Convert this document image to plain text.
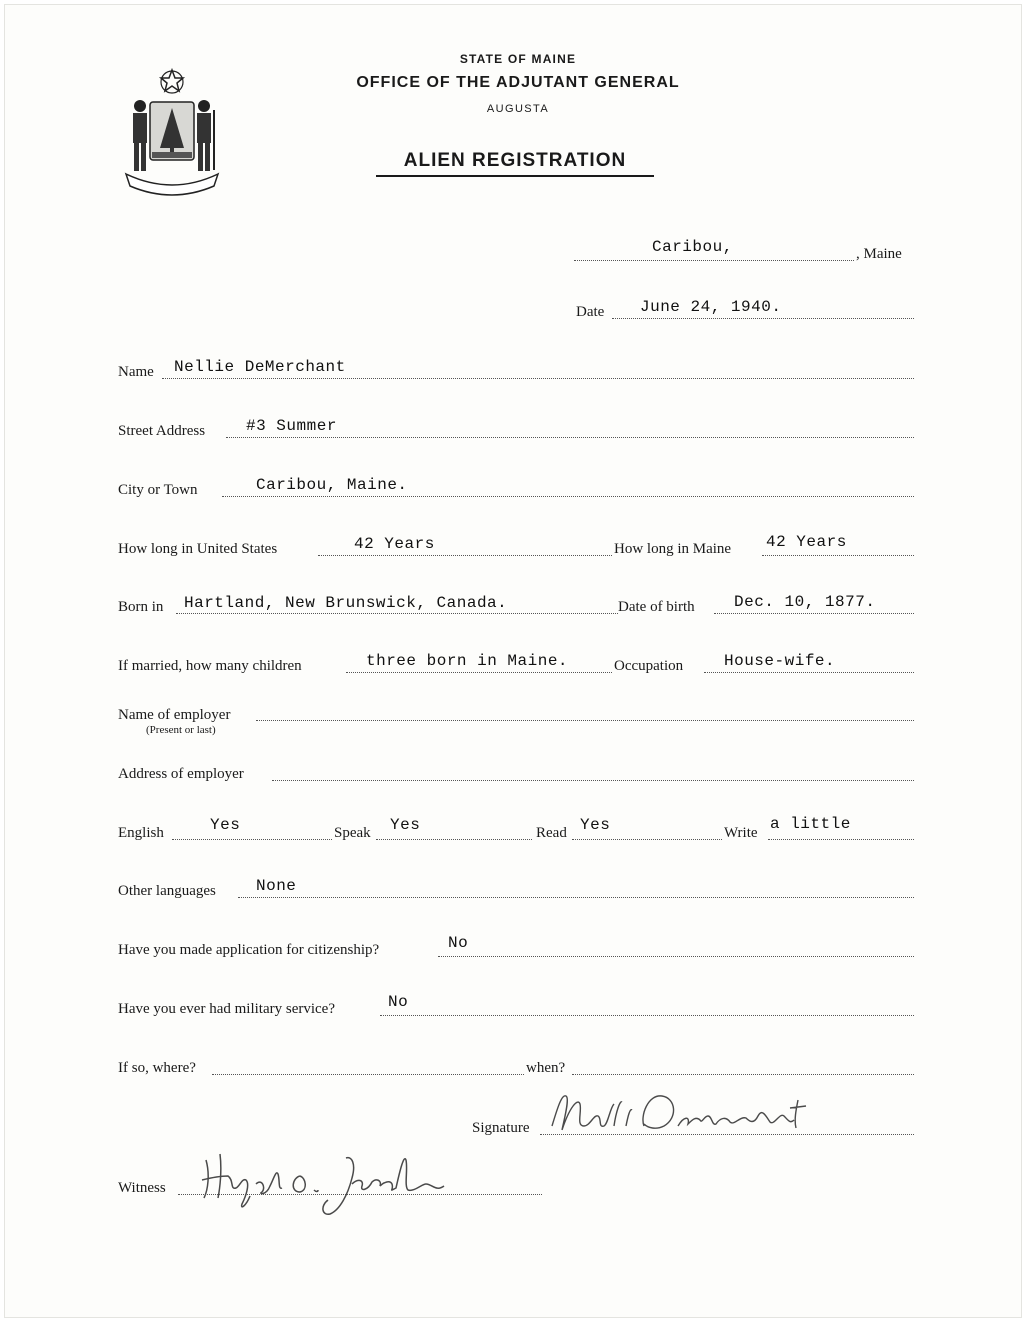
STATE OF MAINE
OFFICE OF THE ADJUTANT GENERAL
AUGUSTA
ALIEN REGISTRATION
Caribou,	, Maine
Date June 24, 1940.
Name Nellie DeMerchant
Street Address	#3 Summer
City or Town	Caribou, Maine.
How long in United States	42 Years	How long in Maine 42 Years
Born in Hartland, New Brunswick, Canada.	Date of birth Dec. 10, 1877.
If married, how many children	three born in Maine.	Occupation	House-wife.
Name of employer
(Present or last)
Address of employer
English	Yes	Speak Yes	Read Yes	Write a little
Other languages	None
Have you made application for citizenship?	No
Have you ever had military service?	No
If so, where?	when?
Signature
Witness
